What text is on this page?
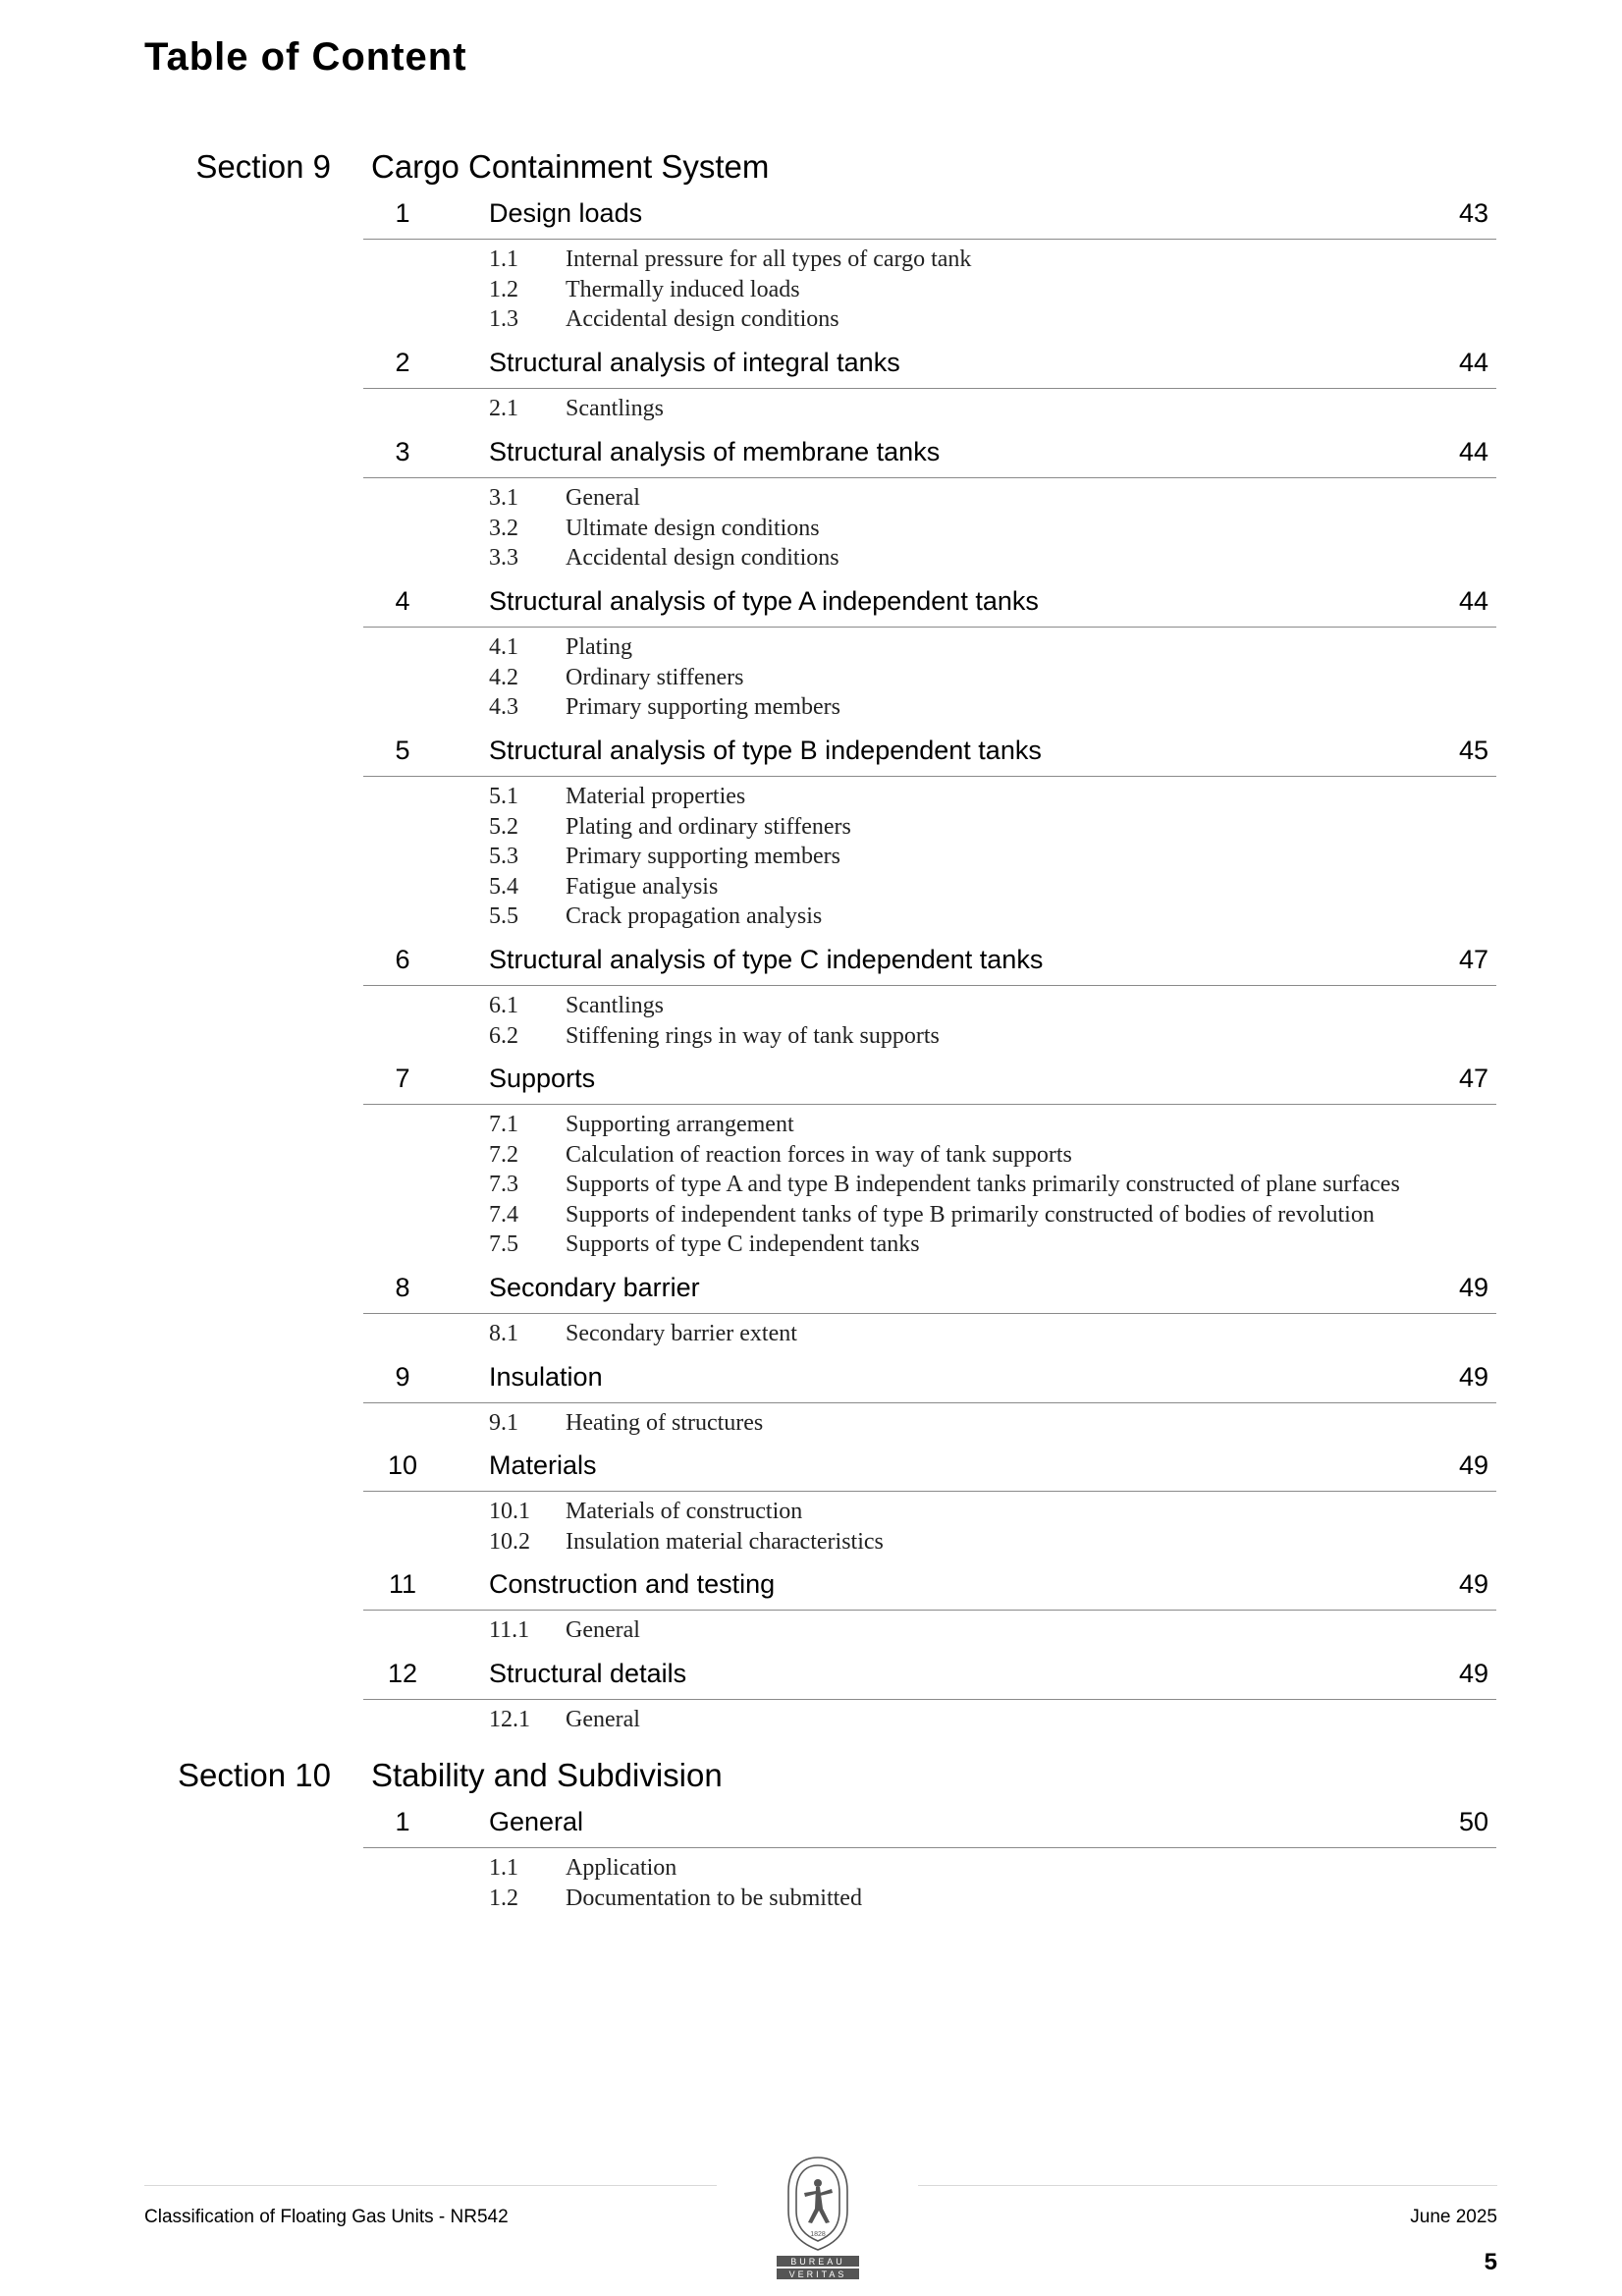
Table of Content
Section 9 Cargo Containment System
1	Design loads	43
1.1 Internal pressure for all types of cargo tank
1.2 Thermally induced loads
1.3 Accidental design conditions
2	Structural analysis of integral tanks	44
2.1 Scantlings
3	Structural analysis of membrane tanks	44
3.1 General
3.2 Ultimate design conditions
3.3 Accidental design conditions
4	Structural analysis of type A independent tanks	44
4.1 Plating
4.2 Ordinary stiffeners
4.3 Primary supporting members
5	Structural analysis of type B independent tanks	45
5.1 Material properties
5.2 Plating and ordinary stiffeners
5.3 Primary supporting members
5.4 Fatigue analysis
5.5 Crack propagation analysis
6	Structural analysis of type C independent tanks	47
6.1 Scantlings
6.2 Stiffening rings in way of tank supports
7	Supports	47
7.1 Supporting arrangement
7.2 Calculation of reaction forces in way of tank supports
7.3 Supports of type A and type B independent tanks primarily constructed of plane surfaces
7.4 Supports of independent tanks of type B primarily constructed of bodies of revolution
7.5 Supports of type C independent tanks
8	Secondary barrier	49
8.1 Secondary barrier extent
9	Insulation	49
9.1 Heating of structures
10	Materials	49
10.1 Materials of construction
10.2 Insulation material characteristics
11	Construction and testing	49
11.1 General
12	Structural details	49
12.1 General
Section 10 Stability and Subdivision
1	General	50
1.1 Application
1.2 Documentation to be submitted
1828
BUREAU
VERITAS
Classification of Floating Gas Units - NR542	June 2025
5
